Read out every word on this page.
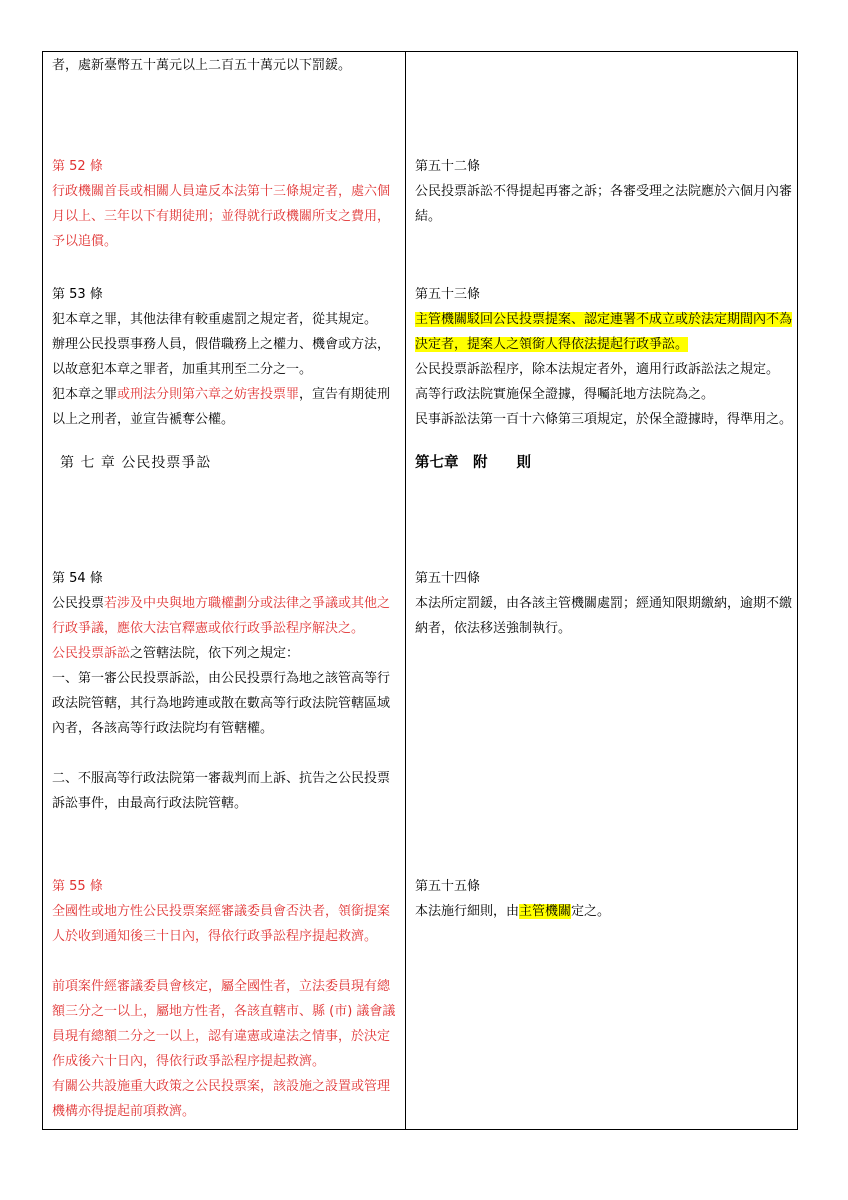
者，處新臺幣五十萬元以上二百五十萬元以下罰鍰。

第 52 條

行政機關首長或相關人員違反本法第十三條規定者，處六個月以上、三年以下有期徒刑；並得就行政機關所支之費用，予以追償。

第 53 條

犯本章之罪，其他法律有較重處罰之規定者，從其規定。

辦理公民投票事務人員，假借職務上之權力、機會或方法，以故意犯本章之罪者，加重其刑至二分之一。

犯本章之罪或刑法分則第六章之妨害投票罪，宣告有期徒刑以上之刑者，並宣告褫奪公權。

第 七 章 公民投票爭訟

第 54 條

公民投票若涉及中央與地方職權劃分或法律之爭議或其他之行政爭議，應依大法官釋憲或依行政爭訟程序解決之。

公民投票訴訟之管轄法院，依下列之規定：

一、第一審公民投票訴訟，由公民投票行為地之該管高等行政法院管轄，其行為地跨連或散在數高等行政法院管轄區域內者，各該高等行政法院均有管轄權。

二、不服高等行政法院第一審裁判而上訴、抗告之公民投票訴訟事件，由最高行政法院管轄。

第 55 條

全國性或地方性公民投票案經審議委員會否決者，領銜提案人於收到通知後三十日內，得依行政爭訟程序提起救濟。

前項案件經審議委員會核定，屬全國性者，立法委員現有總額三分之一以上，屬地方性者，各該直轄市、縣 (市) 議會議員現有總額二分之一以上，認有違憲或違法之情事，於決定作成後六十日內，得依行政爭訟程序提起救濟。

有關公共設施重大政策之公民投票案，該設施之設置或管理機構亦得提起前項救濟。

第五十二條

公民投票訴訟不得提起再審之訴；各審受理之法院應於六個月內審結。

第五十三條

主管機關駁回公民投票提案、認定連署不成立或於法定期間內不為決定者，提案人之領銜人得依法提起行政爭訟。

公民投票訴訟程序，除本法規定者外，適用行政訴訟法之規定。

高等行政法院實施保全證據，得囑託地方法院為之。

民事訴訟法第一百十六條第三項規定，於保全證據時，得準用之。

第七章　附　　則

第五十四條

本法所定罰鍰，由各該主管機關處罰；經通知限期繳納，逾期不繳納者，依法移送強制執行。

第五十五條

本法施行細則，由主管機關定之。
